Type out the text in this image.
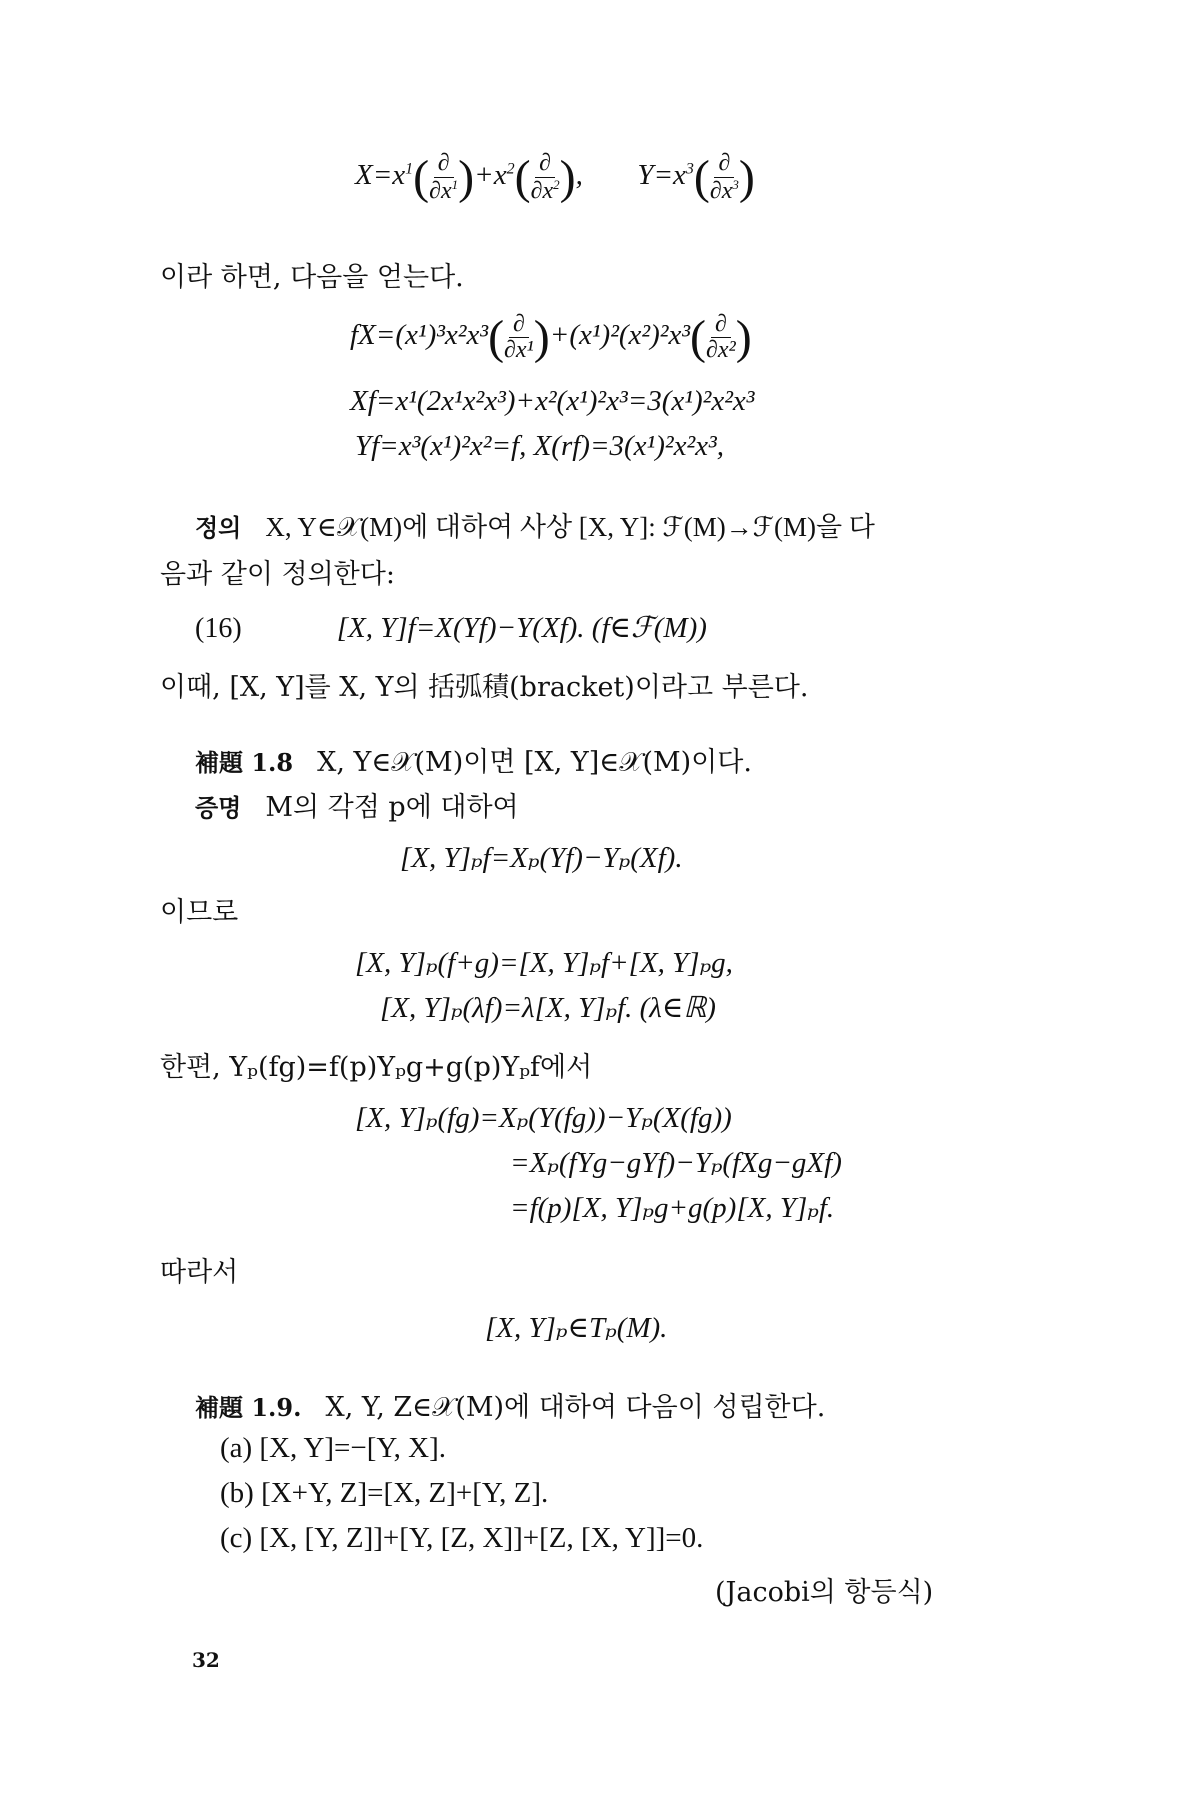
$X=x^1( \frac{\partial}{\partial x^1} )+x^2( \frac{\partial}{\partial x^2}$ ), $Y=x^3( \frac{\partial}{\partial x^3}$ )
이라 하면, 다음을 얻는다.
$fX=(x^1)^3x^2x^3( \frac{\partial}{\text{∂x¹}} )+(x^1)^2(x^2)^2x^3( \frac{\partial}{\text{∂x²}}$ )
Xf=x¹(2x¹x²x³)+x²(x¹)²x³=3(x¹)²x²x³
Yf=x³(x¹)²x²=f, X(rf)=3(x¹)²x²x³,
정의 X, Y∈𝒳(M)에 대하여 사상 [X, Y]: ℱ(M)→ℱ(M)을 다
음과 같이 정의한다:
(16)	[X, Y]f=X(Yf)−Y(Xf). (f∈ℱ(M))
이때, [X, Y]를 X, Y의 括弧積(bracket)이라고 부른다.
補題 1.8 X, Y∈𝒳(M)이면 [X, Y]∈𝒳(M)이다.
증명 M의 각점 p에 대하여
[X, Y]ₚf=Xₚ(Yf)−Yₚ(Xf).
이므로
[X, Y]ₚ(f+g)=[X, Y]ₚf+[X, Y]ₚg,
[X, Y]ₚ(λf)=λ[X, Y]ₚf. (λ∈ℝ)
한편, Yₚ(fg)=f(p)Yₚg+g(p)Yₚf에서
[X, Y]ₚ(fg)=Xₚ(Y(fg))−Yₚ(X(fg))
=Xₚ(fYg−gYf)−Yₚ(fXg−gXf)
=f(p)[X, Y]ₚg+g(p)[X, Y]ₚf.
따라서
[X, Y]ₚ∈Tₚ(M).
補題 1.9. X, Y, Z∈𝒳(M)에 대하여 다음이 성립한다.
(a) [X, Y]=−[Y, X].
(b) [X+Y, Z]=[X, Z]+[Y, Z].
(c) [X, [Y, Z]]+[Y, [Z, X]]+[Z, [X, Y]]=0.
(Jacobi의 항등식)
32
